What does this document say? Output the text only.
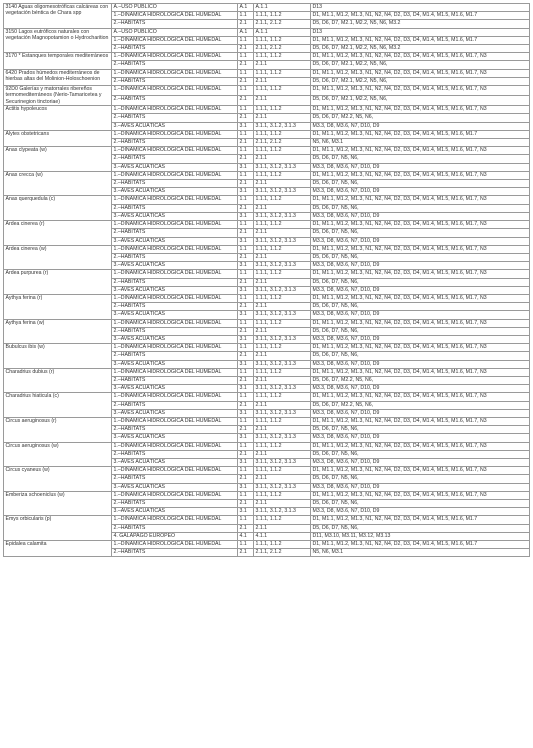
3140 Aguas oligomesotróficas calcáreas con vegetación béntica de Chara spp	A.–USO PÚBLICO	A.1	A.1.1	D13
	1.–DINÁMICA HIDROLÓGICA DEL HUMEDAL	1.1	1.1.1, 1.1.2	D1, M1.1, M1.2, M1.3, N1, N2, N4, D2, D3, D4, M1.4, M1.5, M1.6, M1.7
	2.–HÁBITATS	2.1	2.1.1, 2.1.2	D5, D6, D7, M2.1, M2.2, N5, N6, M3.2
3150 Lagos eutróficos naturales con vegetación Magnopotamion o Hydrocharition	A.–USO PÚBLICO	A.1	A.1.1	D13
	1.–DINÁMICA HIDROLÓGICA DEL HUMEDAL	1.1	1.1.1, 1.1.2	D1, M1.1, M1.2, M1.3, N1, N2, N4, D2, D3, D4, M1.4, M1.5, M1.6, M1.7
	2.–HÁBITATS	2.1	2.1.1, 2.1.2	D5, D6, D7, M2.1, M2.2, N5, N6, M3.2
3170 * Estanques temporales mediterráneos	1.–DINÁMICA HIDROLÓGICA DEL HUMEDAL	1.1	1.1.1, 1.1.2	D1, M1.1, M1.2, M1.3, N1, N2, N4, D2, D3, D4, M1.4, M1.5, M1.6, M1.7, N3
	2.–HÁBITATS	2.1	2.1.1	D5, D6, D7, M2.1, M2.2, N5, N6,
6420 Prados húmedos mediterráneos de hierbas altas del Molinion-Holoschoenion	1.–DINÁMICA HIDROLÓGICA DEL HUMEDAL	1.1	1.1.1, 1.1.2	D1, M1.1, M1.2, M1.3, N1, N2, N4, D2, D3, D4, M1.4, M1.5, M1.6, M1.7, N3
	2.–HÁBITATS	2.1	2.1.1	D5, D6, D7, M2.1, M2.2, N5, N6,
92D0 Galerías y matorrales ribereños termomediterráneos (Nerio-Tamaricetea y Securinegion tinctoriae)	1.–DINÁMICA HIDROLÓGICA DEL HUMEDAL	1.1	1.1.1, 1.1.2	D1, M1.1, M1.2, M1.3, N1, N2, N4, D2, D3, D4, M1.4, M1.5, M1.6, M1.7, N3
	2.–HÁBITATS	2.1	2.1.1	D5, D6, D7, M2.1, M2.2, N5, N6,
Actitis hypoleucos	1.–DINÁMICA HIDROLÓGICA DEL HUMEDAL	1.1	1.1.1, 1.1.2	D1, M1.1, M1.2, M1.3, N1, N2, N4, D2, D3, D4, M1.4, M1.5, M1.6, M1.7, N3
	2.–HÁBITATS	2.1	2.1.1	D5, D6, D7, M2.2, N5, N6,
	3.–AVES ACUÁTICAS	3.1	3.1.1, 3.1.2, 3.1.3	M3.3, D8, M3.6, N7, D10, D9
Alytes obstetricans	1.–DINÁMICA HIDROLÓGICA DEL HUMEDAL	1.1	1.1.1, 1.1.2	D1, M1.1, M1.2, M1.3, N1, N2, N4, D2, D3, D4, M1.4, M1.5, M1.6, M1.7
	2.–HÁBITATS	2.1	2.1.1, 2.1.2	N5, N6, M3.1
Anas clypeata (w)	1.–DINÁMICA HIDROLÓGICA DEL HUMEDAL	1.1	1.1.1, 1.1.2	D1, M1.1, M1.2, M1.3, N1, N2, N4, D2, D3, D4, M1.4, M1.5, M1.6, M1.7, N3
	2.–HÁBITATS	2.1	2.1.1	D5, D6, D7, N5, N6,
	3.–AVES ACUÁTICAS	3.1	3.1.1, 3.1.2, 3.1.3	M3.3, D8, M3.6, N7, D10, D9
Anas crecca (w)	1.–DINÁMICA HIDROLÓGICA DEL HUMEDAL	1.1	1.1.1, 1.1.2	D1, M1.1, M1.2, M1.3, N1, N2, N4, D2, D3, D4, M1.4, M1.5, M1.6, M1.7, N3
	2.–HÁBITATS	2.1	2.1.1	D5, D6, D7, N5, N6,
	3.–AVES ACUÁTICAS	3.1	3.1.1, 3.1.2, 3.1.3	M3.3, D8, M3.6, N7, D10, D9
Anas querquedula (c)	1.–DINÁMICA HIDROLÓGICA DEL HUMEDAL	1.1	1.1.1, 1.1.2	D1, M1.1, M1.2, M1.3, N1, N2, N4, D2, D3, D4, M1.4, M1.5, M1.6, M1.7, N3
	2.–HÁBITATS	2.1	2.1.1	D5, D6, D7, N5, N6,
	3.–AVES ACUÁTICAS	3.1	3.1.1, 3.1.2, 3.1.3	M3.3, D8, M3.6, N7, D10, D9
Ardea cinerea (r)	1.–DINÁMICA HIDROLÓGICA DEL HUMEDAL	1.1	1.1.1, 1.1.2	D1, M1.1, M1.2, M1.3, N1, N2, N4, D2, D3, D4, M1.4, M1.5, M1.6, M1.7, N3
	2.–HÁBITATS	2.1	2.1.1	D5, D6, D7, N5, N6,
	3.–AVES ACUÁTICAS	3.1	3.1.1, 3.1.2, 3.1.3	M3.3, D8, M3.6, N7, D10, D9
Ardea cinerea (w)	1.–DINÁMICA HIDROLÓGICA DEL HUMEDAL	1.1	1.1.1, 1.1.2	D1, M1.1, M1.2, M1.3, N1, N2, N4, D2, D3, D4, M1.4, M1.5, M1.6, M1.7, N3
	2.–HÁBITATS	2.1	2.1.1	D5, D6, D7, N5, N6,
	3.–AVES ACUÁTICAS	3.1	3.1.1, 3.1.2, 3.1.3	M3.3, D8, M3.6, N7, D10, D9
Ardea purpurea (r)	1.–DINÁMICA HIDROLÓGICA DEL HUMEDAL	1.1	1.1.1, 1.1.2	D1, M1.1, M1.2, M1.3, N1, N2, N4, D2, D3, D4, M1.4, M1.5, M1.6, M1.7, N3
	2.–HÁBITATS	2.1	2.1.1	D5, D6, D7, N5, N6,
	3.–AVES ACUÁTICAS	3.1	3.1.1, 3.1.2, 3.1.3	M3.3, D8, M3.6, N7, D10, D9
Aythya ferina (r)	1.–DINÁMICA HIDROLÓGICA DEL HUMEDAL	1.1	1.1.1, 1.1.2	D1, M1.1, M1.2, M1.3, N1, N2, N4, D2, D3, D4, M1.4, M1.5, M1.6, M1.7, N3
	2.–HÁBITATS	2.1	2.1.1	D5, D6, D7, N5, N6,
	3.–AVES ACUÁTICAS	3.1	3.1.1, 3.1.2, 3.1.3	M3.3, D8, M3.6, N7, D10, D9
Aythya ferina (w)	1.–DINÁMICA HIDROLÓGICA DEL HUMEDAL	1.1	1.1.1, 1.1.2	D1, M1.1, M1.2, M1.3, N1, N2, N4, D2, D3, D4, M1.4, M1.5, M1.6, M1.7, N3
	2.–HÁBITATS	2.1	2.1.1	D5, D6, D7, N5, N6,
	3.–AVES ACUÁTICAS	3.1	3.1.1, 3.1.2, 3.1.3	M3.3, D8, M3.6, N7, D10, D9
Bubulcus ibis (w)	1.–DINÁMICA HIDROLÓGICA DEL HUMEDAL	1.1	1.1.1, 1.1.2	D1, M1.1, M1.2, M1.3, N1, N2, N4, D2, D3, D4, M1.4, M1.5, M1.6, M1.7, N3
	2.–HÁBITATS	2.1	2.1.1	D5, D6, D7, N5, N6,
	3.–AVES ACUÁTICAS	3.1	3.1.1, 3.1.2, 3.1.3	M3.3, D8, M3.6, N7, D10, D9
Charadrius dubius (r)	1.–DINÁMICA HIDROLÓGICA DEL HUMEDAL	1.1	1.1.1, 1.1.2	D1, M1.1, M1.2, M1.3, N1, N2, N4, D2, D3, D4, M1.4, M1.5, M1.6, M1.7, N3
	2.–HÁBITATS	2.1	2.1.1	D5, D6, D7, M2.2, N5, N6,
	3.–AVES ACUÁTICAS	3.1	3.1.1, 3.1.2, 3.1.3	M3.3, D8, M3.6, N7, D10, D9
Charadrius hiaticula (c)	1.–DINÁMICA HIDROLÓGICA DEL HUMEDAL	1.1	1.1.1, 1.1.2	D1, M1.1, M1.2, M1.3, N1, N2, N4, D2, D3, D4, M1.4, M1.5, M1.6, M1.7, N3
	2.–HÁBITATS	2.1	2.1.1	D5, D6, D7, M2.2, N5, N6,
	3.–AVES ACUÁTICAS	3.1	3.1.1, 3.1.2, 3.1.3	M3.3, D8, M3.6, N7, D10, D9
Circus aeruginosus (r)	1.–DINÁMICA HIDROLÓGICA DEL HUMEDAL	1.1	1.1.1, 1.1.2	D1, M1.1, M1.2, M1.3, N1, N2, N4, D2, D3, D4, M1.4, M1.5, M1.6, M1.7, N3
	2.–HÁBITATS	2.1	2.1.1	D5, D6, D7, N5, N6,
	3.–AVES ACUÁTICAS	3.1	3.1.1, 3.1.2, 3.1.3	M3.3, D8, M3.6, N7, D10, D9
Circus aeruginosus (w)	1.–DINÁMICA HIDROLÓGICA DEL HUMEDAL	1.1	1.1.1, 1.1.2	D1, M1.1, M1.2, M1.3, N1, N2, N4, D2, D3, D4, M1.4, M1.5, M1.6, M1.7, N3
	2.–HÁBITATS	2.1	2.1.1	D5, D6, D7, N5, N6,
	3.–AVES ACUÁTICAS	3.1	3.1.1, 3.1.2, 3.1.3	M3.3, D8, M3.6, N7, D10, D9
Circus cyaneus (w)	1.–DINÁMICA HIDROLÓGICA DEL HUMEDAL	1.1	1.1.1, 1.1.2	D1, M1.1, M1.2, M1.3, N1, N2, N4, D2, D3, D4, M1.4, M1.5, M1.6, M1.7, N3
	2.–HÁBITATS	2.1	2.1.1	D5, D6, D7, N5, N6,
	3.–AVES ACUÁTICAS	3.1	3.1.1, 3.1.2, 3.1.3	M3.3, D8, M3.6, N7, D10, D9
Emberiza schoeniclus (w)	1.–DINÁMICA HIDROLÓGICA DEL HUMEDAL	1.1	1.1.1, 1.1.2	D1, M1.1, M1.2, M1.3, N1, N2, N4, D2, D3, D4, M1.4, M1.5, M1.6, M1.7, N3
	2.–HÁBITATS	2.1	2.1.1	D5, D6, D7, N5, N6,
	3.–AVES ACUÁTICAS	3.1	3.1.1, 3.1.2, 3.1.3	M3.3, D8, M3.6, N7, D10, D9
Emys orbicularis (p)	1.–DINÁMICA HIDROLÓGICA DEL HUMEDAL	1.1	1.1.1, 1.1.2	D1, M1.1, M1.2, M1.3, N1, N2, N4, D2, D3, D4, M1.4, M1.5, M1.6, M1.7
	2.–HÁBITATS	2.1	2.1.1	D5, D6, D7, N5, N6,
	4. GALÁPAGO EUROPEO	4.1	4.1.1	D11, M3.10, M3.11, M3.12, M3.13
Epidalea calamita	1.–DINÁMICA HIDROLÓGICA DEL HUMEDAL	1.1	1.1.1, 1.1.2	D1, M1.1, M1.2, M1.3, N1, N2, N4, D2, D3, D4, M1.4, M1.5, M1.6, M1.7
	2.–HÁBITATS	2.1	2.1.1, 2.1.2	N5, N6, M3.1
